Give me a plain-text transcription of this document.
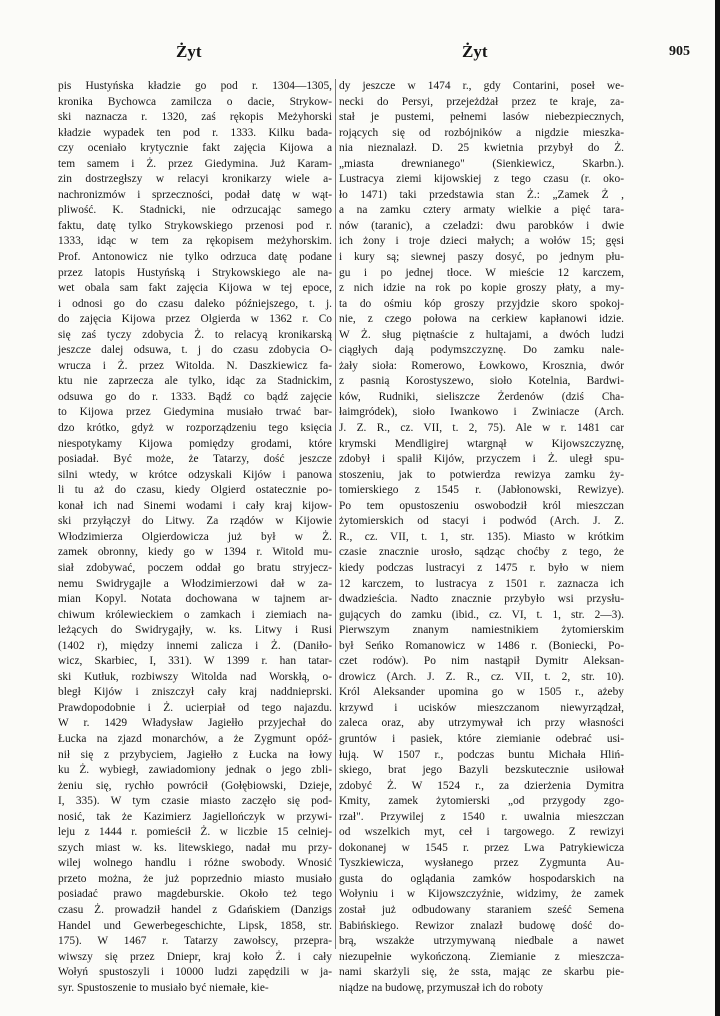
Żyt	Żyt	905
pis Hustyńska kładzie go pod r. 1304—1305,
kronika Bychowca zamilcza o dacie, Strykow-
ski naznacza r. 1320, zaś rękopis Meżyhorski
kładzie wypadek ten pod r. 1333. Kilku bada-
czy oceniało krytycznie fakt zajęcia Kijowa a
tem samem i Ż. przez Giedymina. Już Karam-
zin dostrzegłszy w relacyi kronikarzy wiele a-
nachronizmów i sprzeczności, podał datę w wąt-
pliwość. K. Stadnicki, nie odrzucając samego
faktu, datę tylko Strykowskiego przenosi pod r.
1333, idąc w tem za rękopisem meżyhorskim.
Prof. Antonowicz nie tylko odrzuca datę podane
przez latopis Hustyńską i Strykowskiego ale na-
wet obala sam fakt zajęcia Kijowa w tej epoce,
i odnosi go do czasu daleko późniejszego, t. j.
do zajęcia Kijowa przez Olgierda w 1362 r. Co
się zaś tyczy zdobycia Ż. to relacyą kronikarską
jeszcze dalej odsuwa, t. j do czasu zdobycia O-
wrucza i Ż. przez Witolda. N. Daszkiewicz fa-
ktu nie zaprzecza ale tylko, idąc za Stadnickim,
odsuwa go do r. 1333. Bądź co bądź zajęcie
to Kijowa przez Giedymina musiało trwać bar-
dzo krótko, gdyż w rozporządzeniu tego księcia
niespotykamy Kijowa pomiędzy grodami, które
posiadał. Być może, że Tatarzy, dość jeszcze
silni wtedy, w krótce odzyskali Kijów i panowa
li tu aż do czasu, kiedy Olgierd ostatecznie po-
konał ich nad Sinemi wodami i cały kraj kijow-
ski przyłączył do Litwy. Za rządów w Kijowie
Włodzimierza Olgierdowicza już był w Ż.
zamek obronny, kiedy go w 1394 r. Witold mu-
siał zdobywać, poczem oddał go bratu stryjecz-
nemu Swidrygajle a Włodzimierzowi dał w za-
mian Kopyl. Notata dochowana w tajnem ar-
chiwum królewieckiem o zamkach i ziemiach na-
leżących do Swidrygajły, w. ks. Litwy i Rusi
(1402 r), między innemi zalicza i Ż. (Daniło-
wicz, Skarbiec, I, 331). W 1399 r. han tatar-
ski Kutłuk, rozbiwszy Witolda nad Worskłą, o-
bległ Kijów i zniszczył cały kraj naddnieprski.
Prawdopodobnie i Ż. ucierpiał od tego najazdu.
W r. 1429 Władysław Jagiełło przyjechał do
Łucka na zjazd monarchów, a że Zygmunt opóź-
nił się z przybyciem, Jagiełło z Łucka na łowy
ku Ż. wybiegł, zawiadomiony jednak o jego zbli-
żeniu się, rychło powrócił (Gołębiowski, Dzieje,
I, 335). W tym czasie miasto zaczęło się pod-
nosić, tak że Kazimierz Jagiellończyk w przywi-
leju z 1444 r. pomieścił Ż. w liczbie 15 celniej-
szych miast w. ks. litewskiego, nadał mu przy-
wilej wolnego handlu i różne swobody. Wnosić
przeto można, że już poprzednio miasto musiało
posiadać prawo magdeburskie. Około też tego
czasu Ż. prowadził handel z Gdańskiem (Danzigs
Handel und Gewerbegeschichte, Lipsk, 1858, str.
175). W 1467 r. Tatarzy zawołscy, przepra-
wiwszy się przez Dniepr, kraj koło Ż. i cały
Wołyń spustoszyli i 10000 ludzi zapędzili w ja-
syr. Spustoszenie to musiało być niemałe, kie-
dy jeszcze w 1474 r., gdy Contarini, poseł we-
necki do Persyi, przejeżdżał przez te kraje, za-
stał je pustemi, pełnemi lasów niebezpiecznych,
rojących się od rozbójników a nigdzie mieszka-
nia nieznalazł. D. 25 kwietnia przybył do Ż.
„miasta drewnianego" (Sienkiewicz, Skarbn.).
Lustracya ziemi kijowskiej z tego czasu (r. oko-
ło 1471) taki przedstawia stan Ż.: „Zamek Ż ,
a na zamku cztery armaty wielkie a pięć tara-
nów (taranic), a czeladzi: dwu parobków i dwie
ich żony i troje dzieci małych; a wołów 15; gęsi
i kury są; siewnej paszy dosyć, po jednym płu-
gu i po jednej tłoce. W mieście 12 karczem,
z nich idzie na rok po kopie groszy płaty, a my-
ta do ośmiu kóp groszy przyjdzie skoro spokoj-
nie, z czego połowa na cerkiew kapłanowi idzie.
W Ż. sług piętnaście z hultajami, a dwóch ludzi
ciągłych dają podymszczyznę. Do zamku nale-
żały sioła: Romerowo, Łowkowo, Krosznia, dwór
z pasnią Korostyszewo, sioło Kotelnia, Bardwi-
ków, Rudniki, sieliszcze Żerdenów (dziś Cha-
łaimgródek), sioło Iwankowo i Zwiniacze (Arch.
J. Z. R., cz. VII, t. 2, 75). Ale w r. 1481 car
krymski Mendligirej wtargnął w Kijowszczyznę,
zdobył i spalił Kijów, przyczem i Ż. uległ spu-
stoszeniu, jak to potwierdza rewizya zamku ży-
tomierskiego z 1545 r. (Jabłonowski, Rewizye).
Po tem opustoszeniu oswobodził król mieszczan
żytomierskich od stacyi i podwód (Arch. J. Z.
R., cz. VII, t. 1, str. 135). Miasto w krótkim
czasie znacznie urosło, sądząc choćby z tego, że
kiedy podczas lustracyi z 1475 r. było w niem
12 karczem, to lustracya z 1501 r. zaznacza ich
dwadzieścia. Nadto znacznie przybyło wsi przysłu-
gujących do zamku (ibid., cz. VI, t. 1, str. 2—3).
Pierwszym znanym namiestnikiem żytomierskim
był Seńko Romanowicz w 1486 r. (Boniecki, Po-
czet rodów). Po nim nastąpił Dymitr Aleksan-
drowicz (Arch. J. Z. R., cz. VII, t. 2, str. 10).
Król Aleksander upomina go w 1505 r., ażeby
krzywd i ucisków mieszczanom niewyrządzał,
zaleca oraz, aby utrzymywał ich przy własności
gruntów i pasiek, które ziemianie odebrać usi-
łują. W 1507 r., podczas buntu Michała Hliń-
skiego, brat jego Bazyli bezskutecznie usiłował
zdobyć Ż. W 1524 r., za dzierżenia Dymitra
Kmity, zamek żytomierski „od przygody zgo-
rzał". Przywilej z 1540 r. uwalnia mieszczan
od wszelkich myt, ceł i targowego. Z rewizyi
dokonanej w 1545 r. przez Lwa Patrykiewicza
Tyszkiewicza, wysłanego przez Zygmunta Au-
gusta do oglądania zamków hospodarskich na
Wołyniu i w Kijowszczyźnie, widzimy, że zamek
został już odbudowany staraniem sześć Semena
Babińskiego. Rewizor znalazł budowę dość do-
brą, wszakże utrzymywaną niedbale a nawet
niezupełnie wykończoną. Ziemianie z mieszcza-
nami skarżyli się, że ssta, mając ze skarbu pie-
niądze na budowę, przymuszał ich do roboty
